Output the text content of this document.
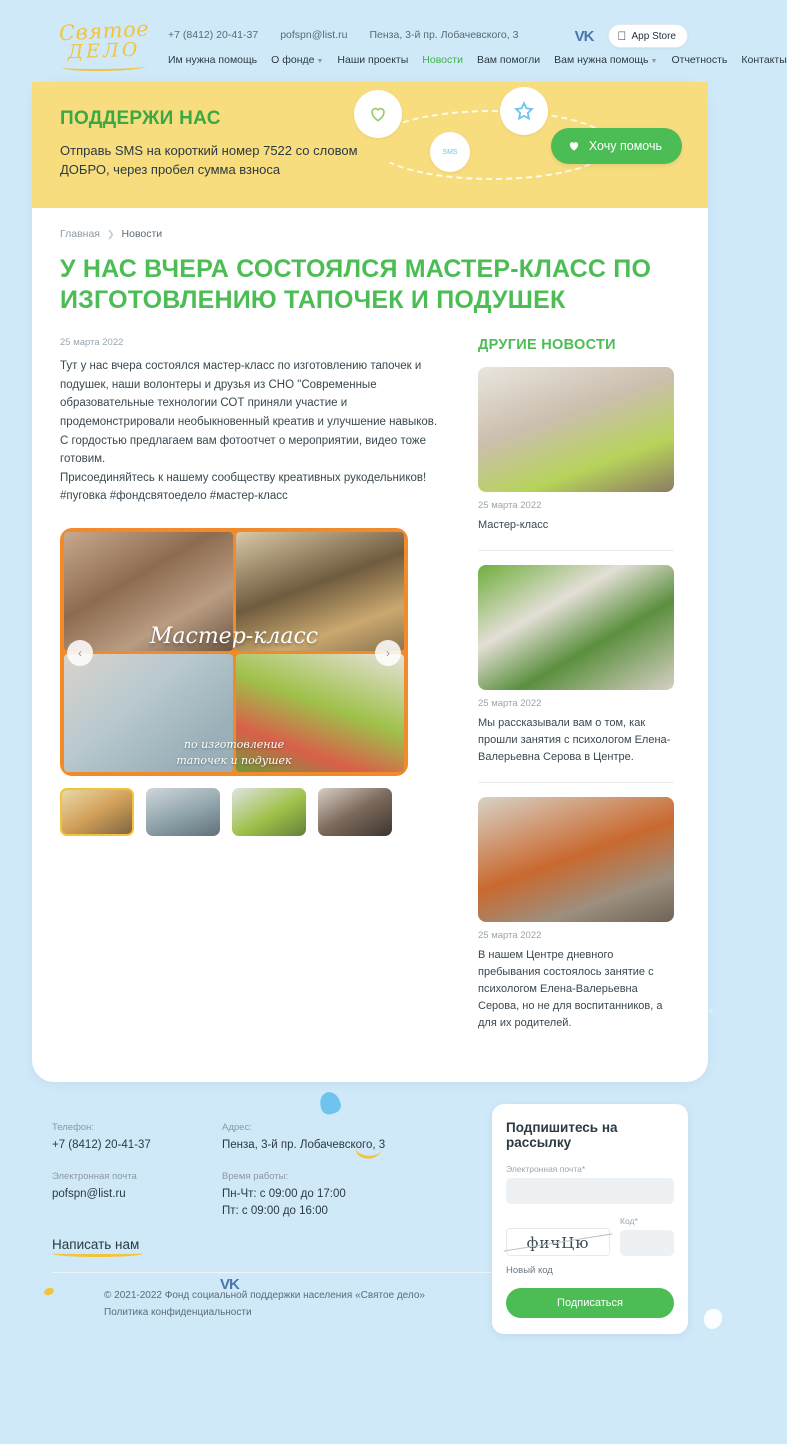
Святое
ДЕЛО
+7 (8412) 20-41-37 pofspn@list.ru Пенза, 3-й пр. Лобачевского, 3	VK	App Store
Им нужна помощь О фонде ▼ Наши проекты Новости Вам помогли Вам нужна помощь ▼ Отчетность Контакты
ПОДДЕРЖИ НАС

Отправь SMS на короткий номер 7522 со словом ДОБРО, через пробел сумма взноса

SMS	Хочу помочь
Главная ❯ Новости
У НАС ВЧЕРА СОСТОЯЛСЯ МАСТЕР-КЛАСС ПО ИЗГОТОВЛЕНИЮ ТАПОЧЕК И ПОДУШЕК
25 марта 2022

Тут у нас вчера состоялся мастер-класс по изготовлению тапочек и подушек, наши волонтеры и друзья из СНО "Современные образовательные технологии СОТ приняли участие и продемонстрировали необыкновенный креатив и улучшение навыков.

С гордостью предлагаем вам фотоотчет о мероприятии, видео тоже готовим.

Присоединяйтесь к нашему сообществу креативных рукодельников!

#пуговка #фондсвятоедело #мастер-класс

Мастер-класс
по изготовление
тапочек и подушек
‹	›
ДРУГИЕ НОВОСТИ
25 марта 2022
Мастер-класс
25 марта 2022
Мы рассказывали вам о том, как прошли занятия с психологом Елена-Валерьевна Серова в Центре.
25 марта 2022
В нашем Центре дневного пребывания состоялось занятие с психологом Елена-Валерьевна Серова, но не для воспитанников, а для их родителей.
Телефон:
+7 (8412) 20-41-37
Электронная почта
pofspn@list.ru
Написать нам
Адрес:
Пенза, 3-й пр. Лобачевского, 3
Время работы:
Пн-Чт: с 09:00 до 17:00
Пт: с 09:00 до 16:00
VK
Подпишитесь на рассылку
Электронная почта*
фичЦю
Код*
Новый код
Подписаться
© 2021-2022 Фонд социальной поддержки населения «Святое дело»
Политика конфиденциальности
